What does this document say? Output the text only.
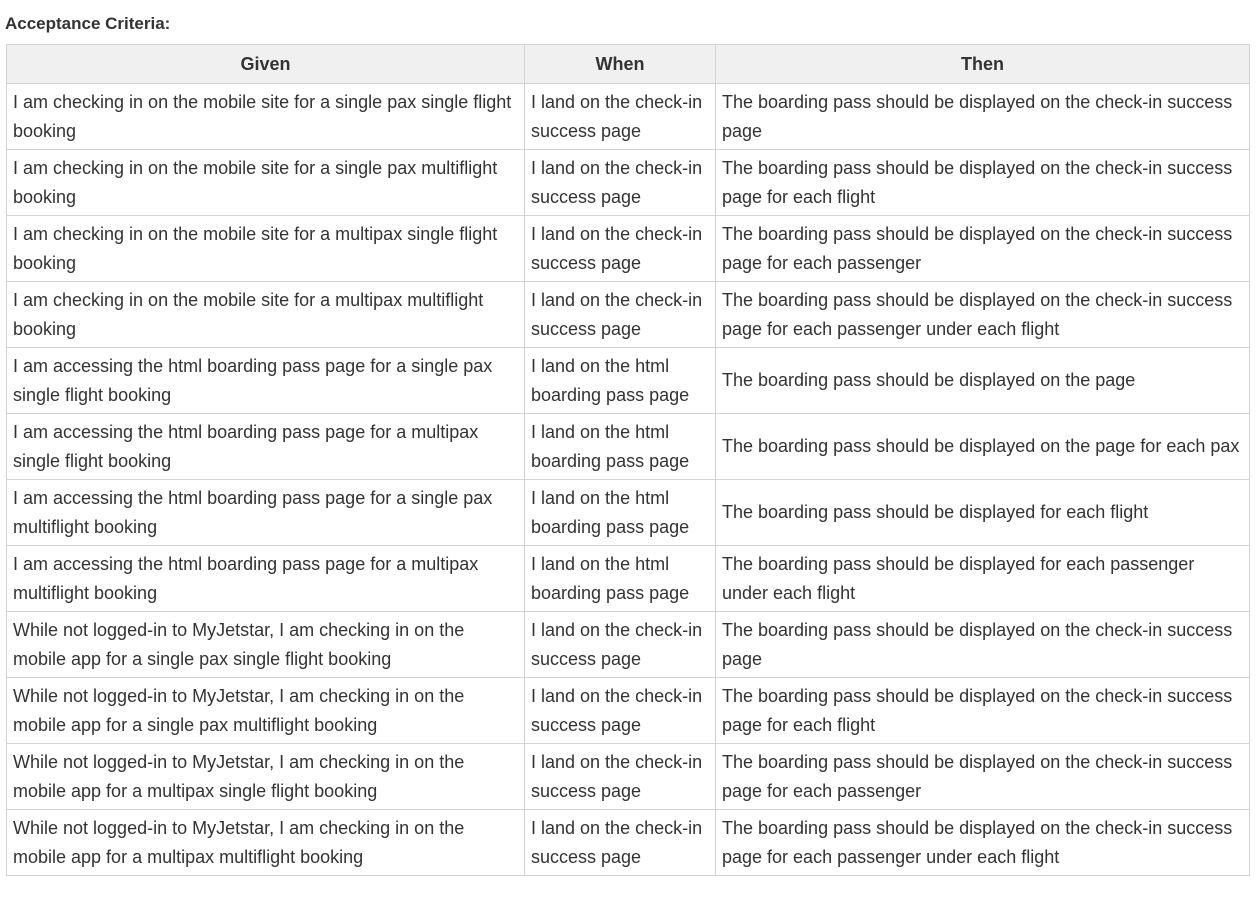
Acceptance Criteria:
Given	When	Then
I am checking in on the mobile site for a single pax single flight booking	I land on the check-in success page	The boarding pass should be displayed on the check-in success page
I am checking in on the mobile site for a single pax multiflight booking	I land on the check-in success page	The boarding pass should be displayed on the check-in success page for each flight
I am checking in on the mobile site for a multipax single flight booking	I land on the check-in success page	The boarding pass should be displayed on the check-in success page for each passenger
I am checking in on the mobile site for a multipax multiflight booking	I land on the check-in success page	The boarding pass should be displayed on the check-in success page for each passenger under each flight
I am accessing the html boarding pass page for a single pax single flight booking	I land on the html boarding pass page	The boarding pass should be displayed on the page
I am accessing the html boarding pass page for a multipax single flight booking	I land on the html boarding pass page	The boarding pass should be displayed on the page for each pax
I am accessing the html boarding pass page for a single pax multiflight booking	I land on the html boarding pass page	The boarding pass should be displayed for each flight
I am accessing the html boarding pass page for a multipax multiflight booking	I land on the html boarding pass page	The boarding pass should be displayed for each passenger under each flight
While not logged-in to MyJetstar, I am checking in on the mobile app for a single pax single flight booking	I land on the check-in success page	The boarding pass should be displayed on the check-in success page
While not logged-in to MyJetstar, I am checking in on the mobile app for a single pax multiflight booking	I land on the check-in success page	The boarding pass should be displayed on the check-in success page for each flight
While not logged-in to MyJetstar, I am checking in on the mobile app for a multipax single flight booking	I land on the check-in success page	The boarding pass should be displayed on the check-in success page for each passenger
While not logged-in to MyJetstar, I am checking in on the mobile app for a multipax multiflight booking	I land on the check-in success page	The boarding pass should be displayed on the check-in success page for each passenger under each flight
